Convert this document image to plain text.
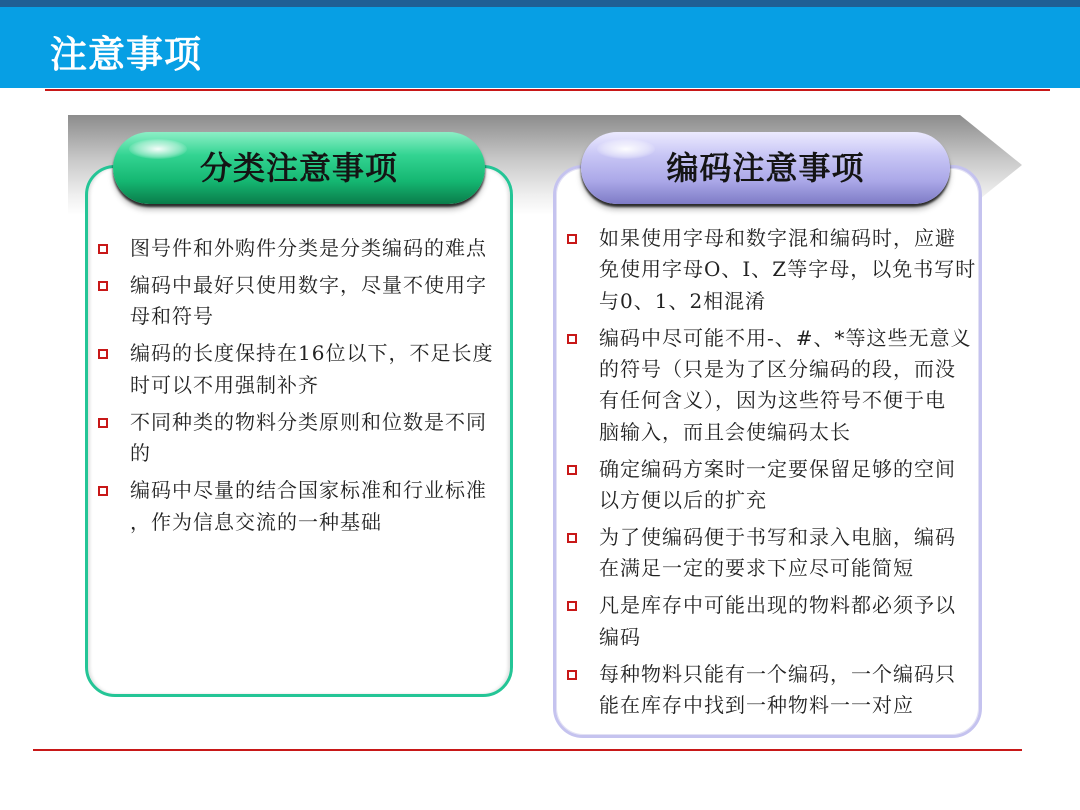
注意事项
分类注意事项
图号件和外购件分类是分类编码的难点
编码中最好只使用数字，尽量不使用字
母和符号
编码的长度保持在16位以下，不足长度
时可以不用强制补齐
不同种类的物料分类原则和位数是不同
的
编码中尽量的结合国家标准和行业标准
，作为信息交流的一种基础
编码注意事项
如果使用字母和数字混和编码时，应避
免使用字母O、I、Z等字母，以免书写时
与0、1、2相混淆
编码中尽可能不用-、#、*等这些无意义
的符号（只是为了区分编码的段，而没
有任何含义），因为这些符号不便于电
脑输入，而且会使编码太长
确定编码方案时一定要保留足够的空间
以方便以后的扩充
为了使编码便于书写和录入电脑，编码
在满足一定的要求下应尽可能简短
凡是库存中可能出现的物料都必须予以
编码
每种物料只能有一个编码，一个编码只
能在库存中找到一种物料一一对应
